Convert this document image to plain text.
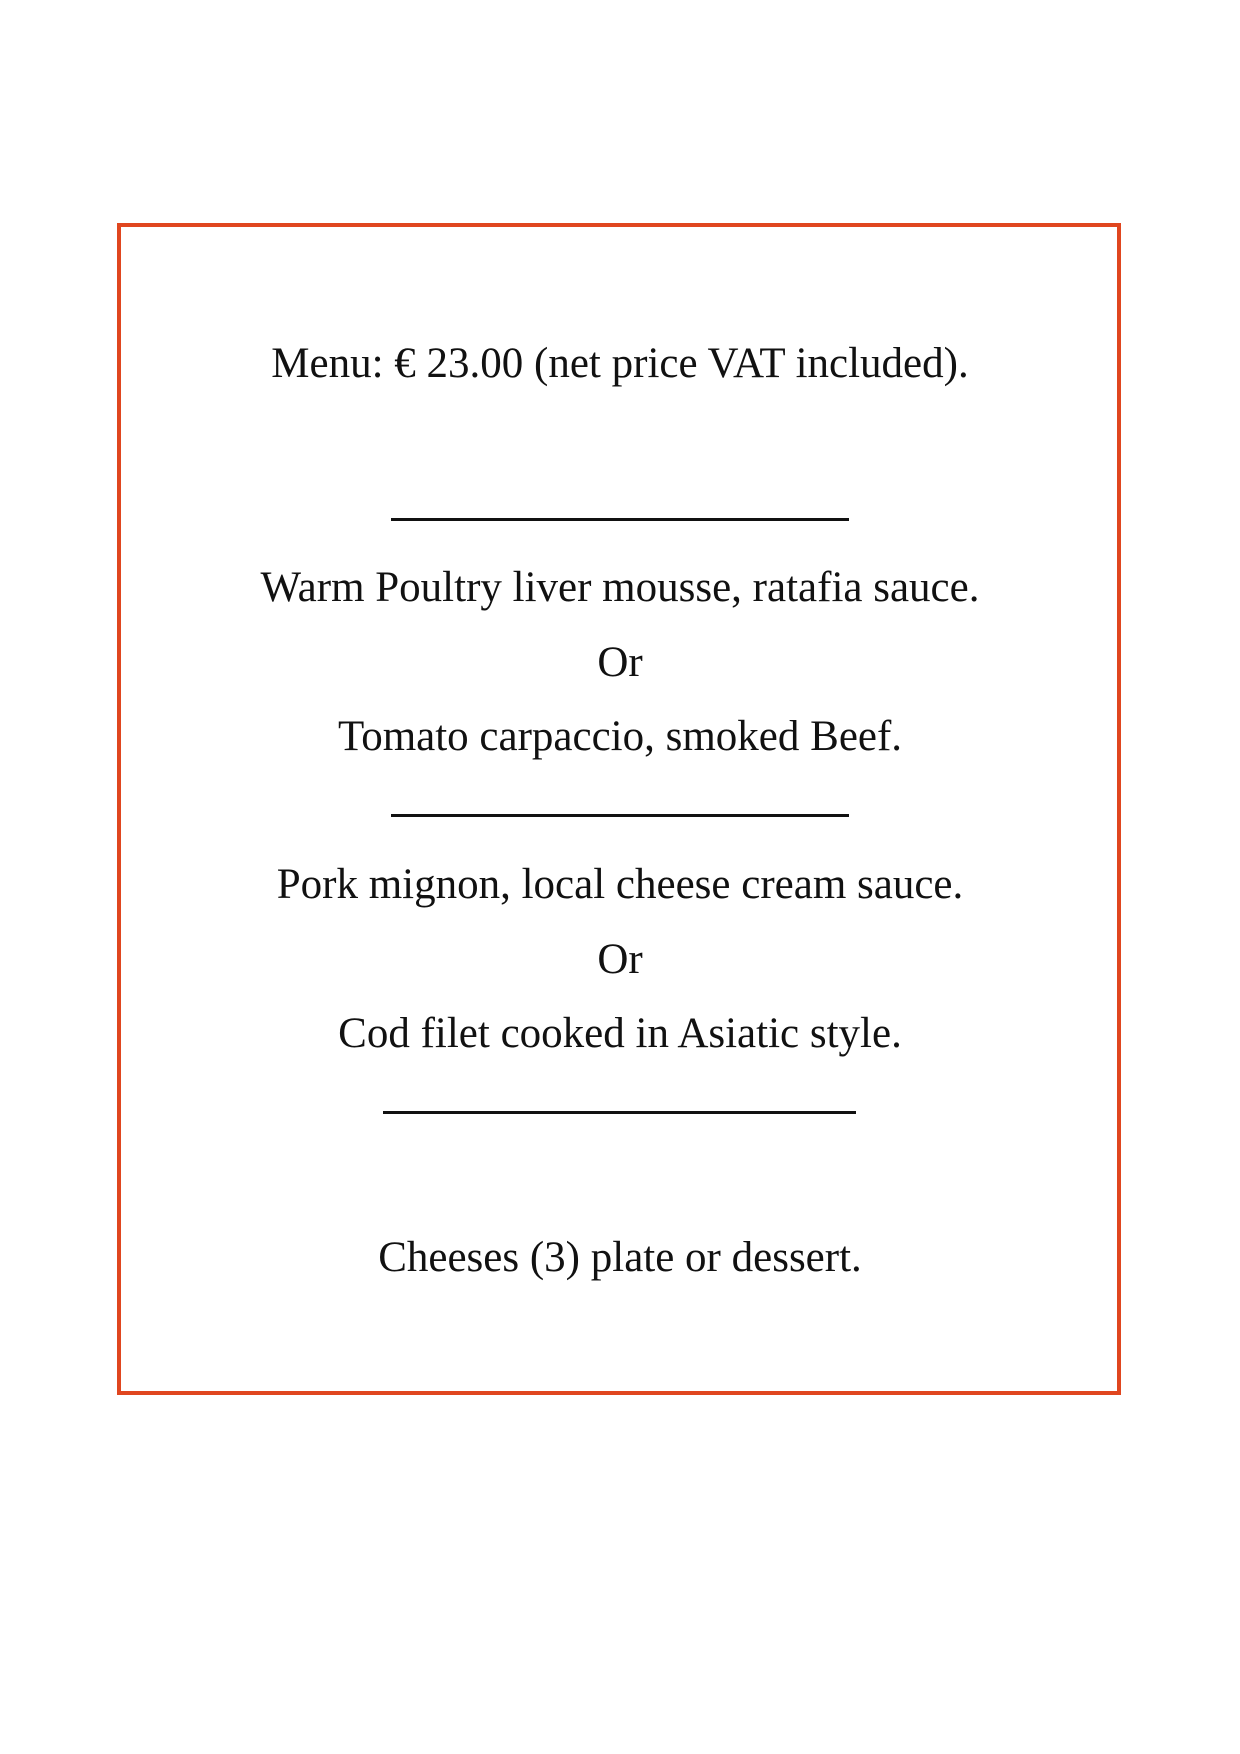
Menu: € 23.00 (net price VAT included).
Warm Poultry liver mousse, ratafia sauce.
Or
Tomato carpaccio, smoked Beef.
Pork mignon, local cheese cream sauce.
Or
Cod filet cooked in Asiatic style.
Cheeses (3) plate or dessert.
